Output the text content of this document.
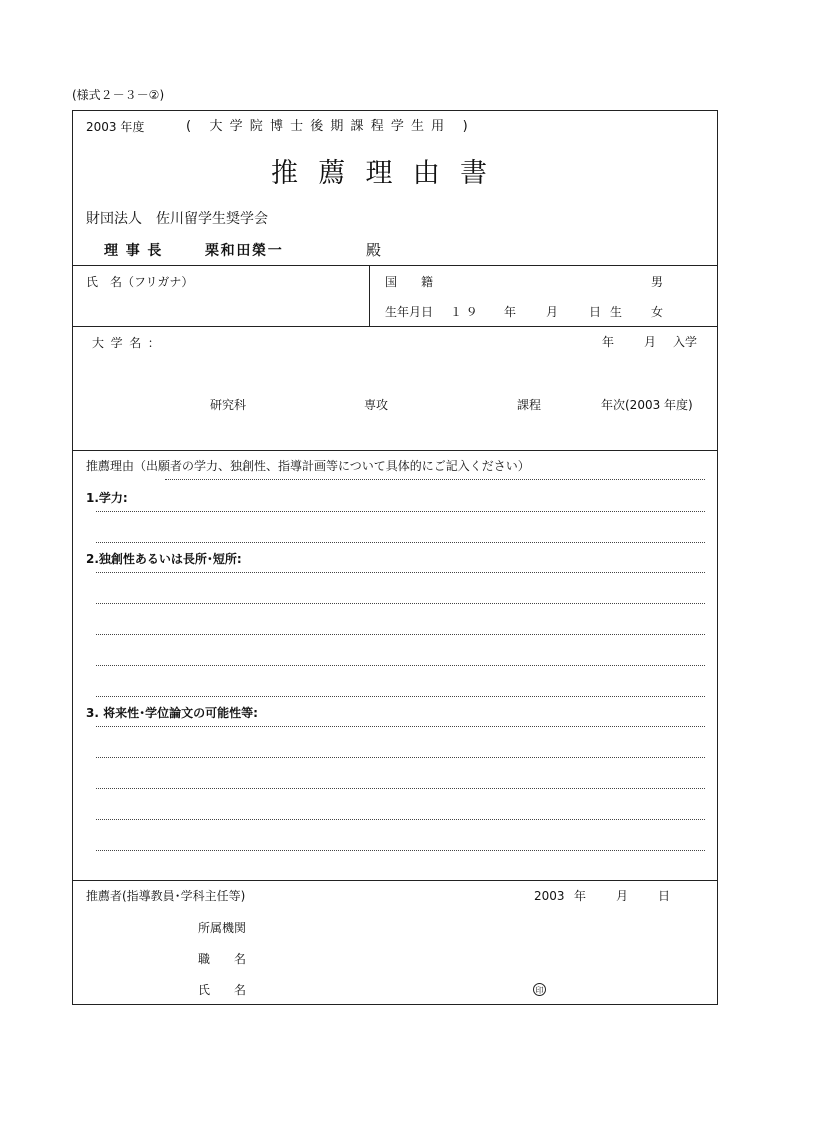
(様式２－３－②)
2003 年度	( 大学院博士後期課程学生用 )
推薦理由書
財団法人　佐川留学生奨学会
理事長	栗和田榮一	殿
氏　名（フリガナ）	国　　籍	男
生年月日 １９ 年 月	日 生 女
大学名：	年 月 入学
研究科	専攻	課程	年次(2003 年度)
推薦理由（出願者の学力、独創性、指導計画等について具体的にご記入ください）
1.学力:
2.独創性あるいは長所･短所:
3. 将来性･学位論文の可能性等:
推薦者(指導教員･学科主任等)	2003 年 月 日
所属機関
職　　名
氏　　名	印
